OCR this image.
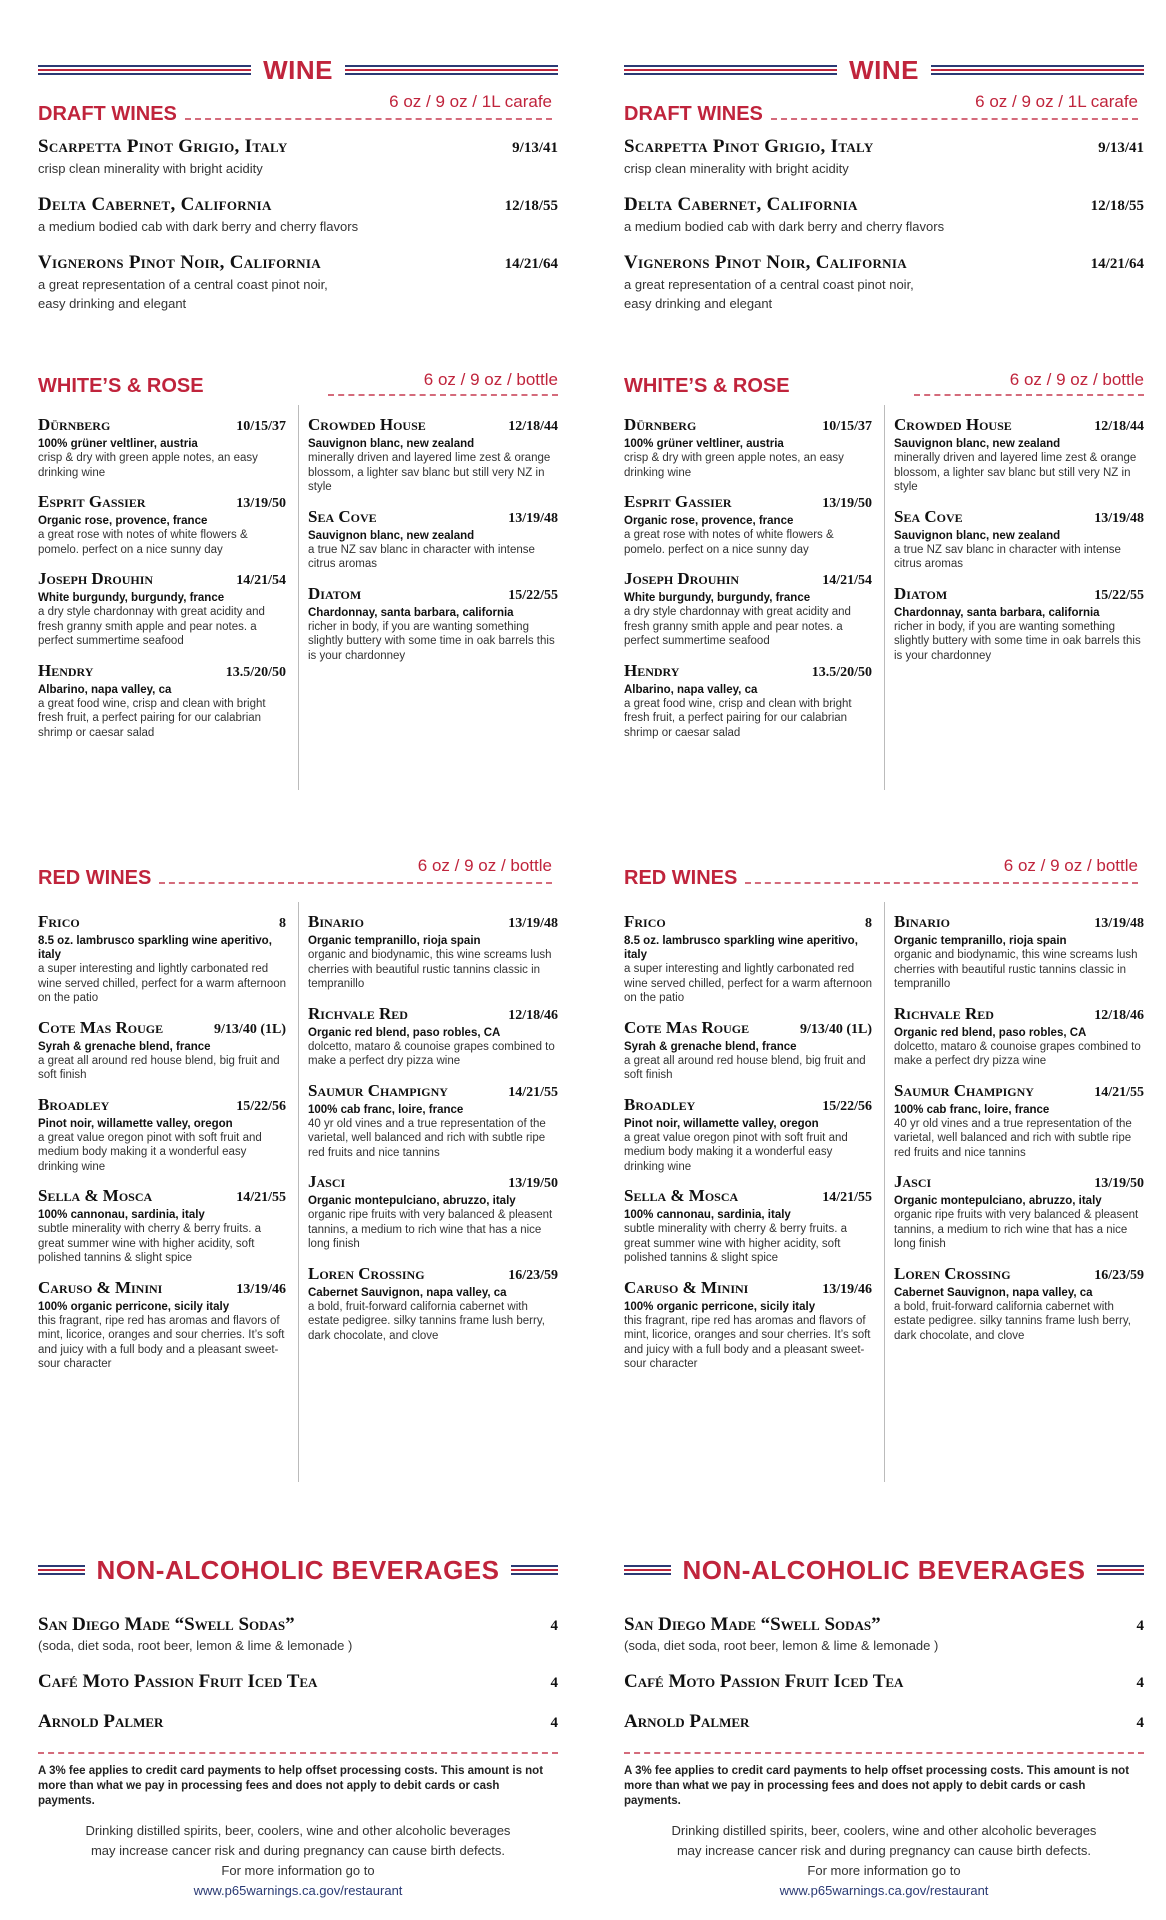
WINE
DRAFT WINES
6 oz / 9 oz / 1L carafe
Scarpetta Pinot Grigio, Italy	9/13/41
crisp clean minerality with bright acidity
Delta Cabernet, California	12/18/55
a medium bodied cab with dark berry and cherry flavors
Vignerons Pinot Noir, California	14/21/64
a great representation of a central coast pinot noir,
easy drinking and elegant
WHITE’S & ROSE	6 oz / 9 oz / bottle
Dürnberg	10/15/37
100% grüner veltliner, austria
crisp & dry with green apple notes, an easy drinking wine
Esprit Gassier	13/19/50
Organic rose, provence, france
a great rose with notes of white flowers & pomelo. perfect on a nice sunny day
Joseph Drouhin	14/21/54
White burgundy, burgundy, france
a dry style chardonnay with great acidity and fresh granny smith apple and pear notes. a perfect summertime seafood
Hendry	13.5/20/50
Albarino, napa valley, ca
a great food wine, crisp and clean with bright fresh fruit, a perfect pairing for our calabrian shrimp or caesar salad
Crowded House	12/18/44
Sauvignon blanc, new zealand
minerally driven and layered lime zest & orange blossom, a lighter sav blanc but still very NZ in style
Sea Cove	13/19/48
Sauvignon blanc, new zealand
a true NZ sav blanc in character with intense citrus aromas
Diatom	15/22/55
Chardonnay, santa barbara, california
richer in body, if you are wanting something slightly buttery with some time in oak barrels this is your chardonney
RED WINES
6 oz / 9 oz / bottle
Frico	8
8.5 oz. lambrusco sparkling wine aperitivo, italy
a super interesting and lightly carbonated red wine served chilled, perfect for a warm afternoon on the patio
Cote Mas Rouge	9/13/40 (1L)
Syrah & grenache blend, france
a great all around red house blend, big fruit and soft finish
Broadley	15/22/56
Pinot noir, willamette valley, oregon
a great value oregon pinot with soft fruit and medium body making it a wonderful easy drinking wine
Sella & Mosca	14/21/55
100% cannonau, sardinia, italy
subtle minerality with cherry & berry fruits. a great summer wine with higher acidity, soft polished tannins & slight spice
Caruso & Minini	13/19/46
100% organic perricone, sicily italy
this fragrant, ripe red has aromas and flavors of mint, licorice, oranges and sour cherries. It’s soft and juicy with a full body and a pleasant sweet-sour character
Binario	13/19/48
Organic tempranillo, rioja spain
organic and biodynamic, this wine screams lush cherries with beautiful rustic tannins classic in tempranillo
Richvale Red	12/18/46
Organic red blend, paso robles, CA
dolcetto, mataro & counoise grapes combined to make a perfect dry pizza wine
Saumur Champigny	14/21/55
100% cab franc, loire, france
40 yr old vines and a true representation of the varietal, well balanced and rich with subtle ripe red fruits and nice tannins
Jasci	13/19/50
Organic montepulciano, abruzzo, italy
organic ripe fruits with very balanced & pleasent tannins, a medium to rich wine that has a nice long finish
Loren Crossing	16/23/59
Cabernet Sauvignon, napa valley, ca
a bold, fruit-forward california cabernet with estate pedigree. silky tannins frame lush berry, dark chocolate, and clove
NON-ALCOHOLIC BEVERAGES
San Diego Made “Swell Sodas”	4
(soda, diet soda, root beer, lemon & lime & lemonade )
Café Moto Passion Fruit Iced Tea	4
Arnold Palmer	4
A 3% fee applies to credit card payments to help offset processing costs. This amount is not more than what we pay in processing fees and does not apply to debit cards or cash payments.
Drinking distilled spirits, beer, coolers, wine and other alcoholic beverages
may increase cancer risk and during pregnancy can cause birth defects.
For more information go to
www.p65warnings.ca.gov/restaurant
WINE
DRAFT WINES
6 oz / 9 oz / 1L carafe
Scarpetta Pinot Grigio, Italy	9/13/41
crisp clean minerality with bright acidity
Delta Cabernet, California	12/18/55
a medium bodied cab with dark berry and cherry flavors
Vignerons Pinot Noir, California	14/21/64
a great representation of a central coast pinot noir,
easy drinking and elegant
WHITE’S & ROSE	6 oz / 9 oz / bottle
Dürnberg	10/15/37
100% grüner veltliner, austria
crisp & dry with green apple notes, an easy drinking wine
Esprit Gassier	13/19/50
Organic rose, provence, france
a great rose with notes of white flowers & pomelo. perfect on a nice sunny day
Joseph Drouhin	14/21/54
White burgundy, burgundy, france
a dry style chardonnay with great acidity and fresh granny smith apple and pear notes. a perfect summertime seafood
Hendry	13.5/20/50
Albarino, napa valley, ca
a great food wine, crisp and clean with bright fresh fruit, a perfect pairing for our calabrian shrimp or caesar salad
Crowded House	12/18/44
Sauvignon blanc, new zealand
minerally driven and layered lime zest & orange blossom, a lighter sav blanc but still very NZ in style
Sea Cove	13/19/48
Sauvignon blanc, new zealand
a true NZ sav blanc in character with intense citrus aromas
Diatom	15/22/55
Chardonnay, santa barbara, california
richer in body, if you are wanting something slightly buttery with some time in oak barrels this is your chardonney
RED WINES
6 oz / 9 oz / bottle
Frico	8
8.5 oz. lambrusco sparkling wine aperitivo, italy
a super interesting and lightly carbonated red wine served chilled, perfect for a warm afternoon on the patio
Cote Mas Rouge	9/13/40 (1L)
Syrah & grenache blend, france
a great all around red house blend, big fruit and soft finish
Broadley	15/22/56
Pinot noir, willamette valley, oregon
a great value oregon pinot with soft fruit and medium body making it a wonderful easy drinking wine
Sella & Mosca	14/21/55
100% cannonau, sardinia, italy
subtle minerality with cherry & berry fruits. a great summer wine with higher acidity, soft polished tannins & slight spice
Caruso & Minini	13/19/46
100% organic perricone, sicily italy
this fragrant, ripe red has aromas and flavors of mint, licorice, oranges and sour cherries. It’s soft and juicy with a full body and a pleasant sweet-sour character
Binario	13/19/48
Organic tempranillo, rioja spain
organic and biodynamic, this wine screams lush cherries with beautiful rustic tannins classic in tempranillo
Richvale Red	12/18/46
Organic red blend, paso robles, CA
dolcetto, mataro & counoise grapes combined to make a perfect dry pizza wine
Saumur Champigny	14/21/55
100% cab franc, loire, france
40 yr old vines and a true representation of the varietal, well balanced and rich with subtle ripe red fruits and nice tannins
Jasci	13/19/50
Organic montepulciano, abruzzo, italy
organic ripe fruits with very balanced & pleasent tannins, a medium to rich wine that has a nice long finish
Loren Crossing	16/23/59
Cabernet Sauvignon, napa valley, ca
a bold, fruit-forward california cabernet with estate pedigree. silky tannins frame lush berry, dark chocolate, and clove
NON-ALCOHOLIC BEVERAGES
San Diego Made “Swell Sodas”	4
(soda, diet soda, root beer, lemon & lime & lemonade )
Café Moto Passion Fruit Iced Tea	4
Arnold Palmer	4
A 3% fee applies to credit card payments to help offset processing costs. This amount is not more than what we pay in processing fees and does not apply to debit cards or cash payments.
Drinking distilled spirits, beer, coolers, wine and other alcoholic beverages
may increase cancer risk and during pregnancy can cause birth defects.
For more information go to
www.p65warnings.ca.gov/restaurant
